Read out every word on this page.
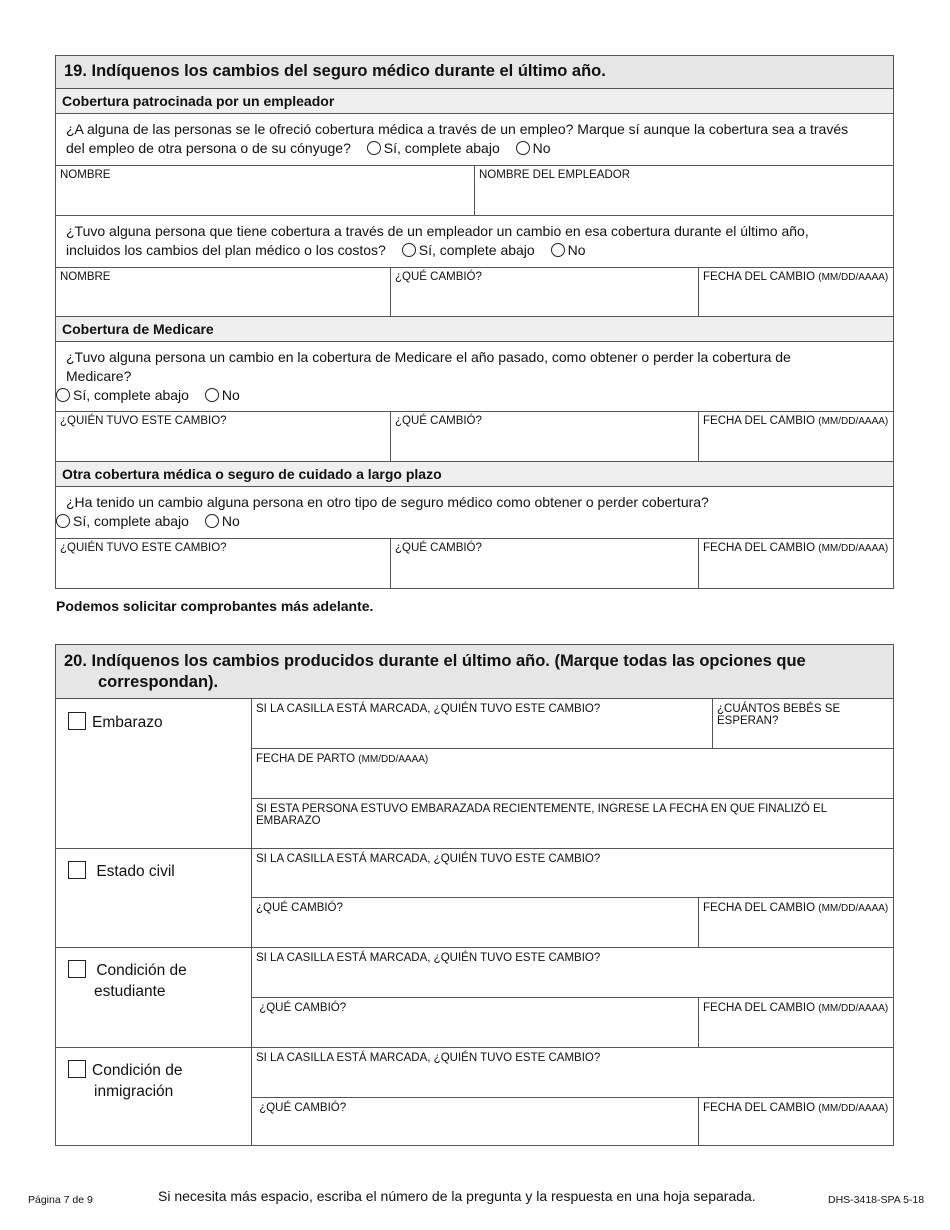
19. Indíquenos los cambios del seguro médico durante el último año.
Cobertura patrocinada por un empleador
¿A alguna de las personas se le ofreció cobertura médica a través de un empleo? Marque sí aunque la cobertura sea a través
del empleo de otra persona o de su cónyuge? Sí, complete abajo No
NOMBRE	NOMBRE DEL EMPLEADOR
¿Tuvo alguna persona que tiene cobertura a través de un empleador un cambio en esa cobertura durante el último año,
incluidos los cambios del plan médico o los costos? Sí, complete abajo No
NOMBRE	¿QUÉ CAMBIÓ?	FECHA DEL CAMBIO (MM/DD/AAAA)
Cobertura de Medicare
¿Tuvo alguna persona un cambio en la cobertura de Medicare el año pasado, como obtener o perder la cobertura de
Medicare?
Sí, complete abajo No
¿QUIÉN TUVO ESTE CAMBIO?	¿QUÉ CAMBIÓ?	FECHA DEL CAMBIO (MM/DD/AAAA)
Otra cobertura médica o seguro de cuidado a largo plazo
¿Ha tenido un cambio alguna persona en otro tipo de seguro médico como obtener o perder cobertura?
Sí, complete abajo No
¿QUIÉN TUVO ESTE CAMBIO?	¿QUÉ CAMBIÓ?	FECHA DEL CAMBIO (MM/DD/AAAA)
Podemos solicitar comprobantes más adelante.
20. Indíquenos los cambios producidos durante el último año. (Marque todas las opciones que
correspondan).
Embarazo
SI LA CASILLA ESTÁ MARCADA, ¿QUIÉN TUVO ESTE CAMBIO?	¿CUÁNTOS BEBÉS SE ESPERAN?
FECHA DE PARTO (MM/DD/AAAA)
SI ESTA PERSONA ESTUVO EMBARAZADA RECIENTEMENTE, INGRESE LA FECHA EN QUE FINALIZÓ EL EMBARAZO
Estado civil
SI LA CASILLA ESTÁ MARCADA, ¿QUIÉN TUVO ESTE CAMBIO?
¿QUÉ CAMBIÓ?	FECHA DEL CAMBIO (MM/DD/AAAA)
Condición de
estudiante
SI LA CASILLA ESTÁ MARCADA, ¿QUIÉN TUVO ESTE CAMBIO?
¿QUÉ CAMBIÓ?	FECHA DEL CAMBIO (MM/DD/AAAA)
Condición de
inmigración
SI LA CASILLA ESTÁ MARCADA, ¿QUIÉN TUVO ESTE CAMBIO?
¿QUÉ CAMBIÓ?	FECHA DEL CAMBIO (MM/DD/AAAA)
Página 7 de 9	Si necesita más espacio, escriba el número de la pregunta y la respuesta en una hoja separada.	DHS-3418-SPA 5-18
